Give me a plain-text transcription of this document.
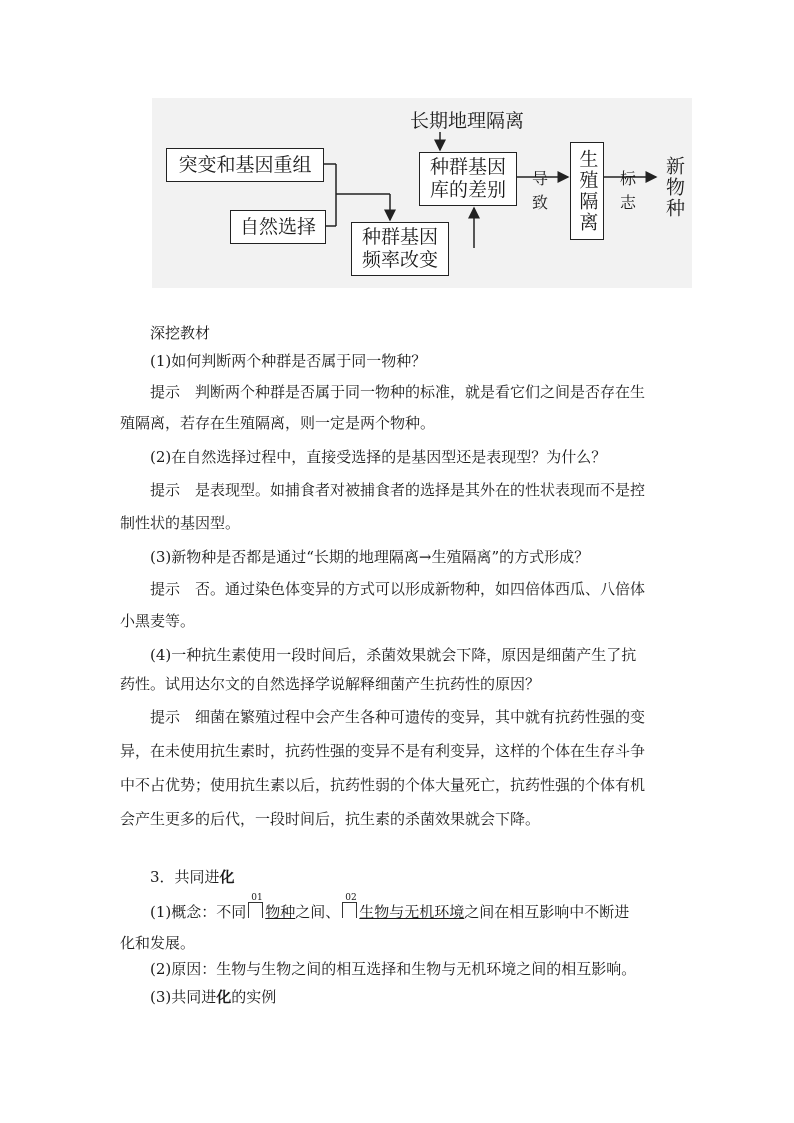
长期地理隔离
突变和基因重组
自然选择	种群基因
频率改变
种群基因
库的差别
导
致	生殖隔离	标
志 新物种
深挖教材
(1)如何判断两个种群是否属于同一物种？
提示　判断两个种群是否属于同一物种的标准，就是看它们之间是否存在生
殖隔离，若存在生殖隔离，则一定是两个物种。
(2)在自然选择过程中，直接受选择的是基因型还是表现型？为什么？
提示　是表现型。如捕食者对被捕食者的选择是其外在的性状表现而不是控
制性状的基因型。
(3)新物种是否都是通过“长期的地理隔离→生殖隔离”的方式形成？
提示　否。通过染色体变异的方式可以形成新物种，如四倍体西瓜、八倍体
小黑麦等。
(4)一种抗生素使用一段时间后，杀菌效果就会下降，原因是细菌产生了抗
药性。试用达尔文的自然选择学说解释细菌产生抗药性的原因？
提示　细菌在繁殖过程中会产生各种可遗传的变异，其中就有抗药性强的变
异，在未使用抗生素时，抗药性强的变异不是有利变异，这样的个体在生存斗争
中不占优势；使用抗生素以后，抗药性弱的个体大量死亡，抗药性强的个体有机
会产生更多的后代，一段时间后，抗生素的杀菌效果就会下降。
3．共同进化
(1)概念：不同
01
物种之间、
02
生物与无机环境之间在相互影响中不断进
化和发展。
(2)原因：生物与生物之间的相互选择和生物与无机环境之间的相互影响。
(3)共同进化的实例
